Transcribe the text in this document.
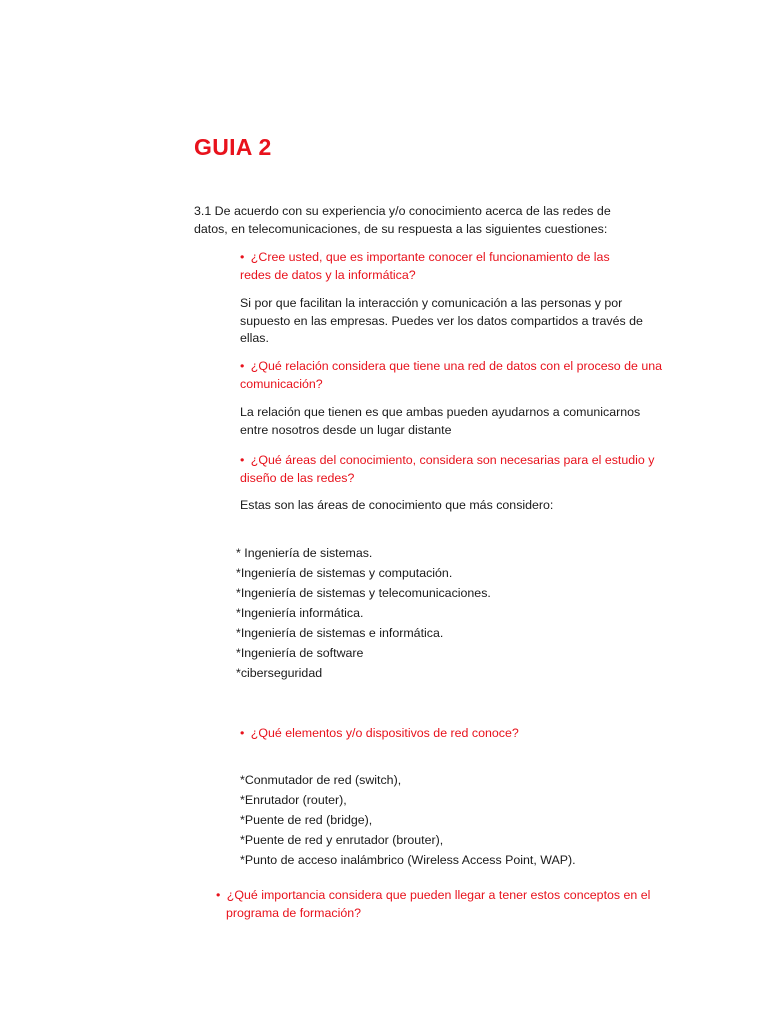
GUIA 2
3.1 De acuerdo con su experiencia y/o conocimiento acerca de las redes de datos, en telecomunicaciones, de su respuesta a las siguientes cuestiones:
• ¿Cree usted, que es importante conocer el funcionamiento de las redes de datos y la informática?
Si por que facilitan la interacción y comunicación a las personas y por supuesto en las empresas. Puedes ver los datos compartidos a través de ellas.
• ¿Qué relación considera que tiene una red de datos con el proceso de una comunicación?
La relación que tienen es que ambas pueden ayudarnos a comunicarnos entre nosotros desde un lugar distante
• ¿Qué áreas del conocimiento, considera son necesarias para el estudio y diseño de las redes?
Estas son las áreas de conocimiento que más considero:
* Ingeniería de sistemas.
*Ingeniería de sistemas y computación.
*Ingeniería de sistemas y telecomunicaciones.
*Ingeniería informática.
*Ingeniería de sistemas e informática.
*Ingeniería de software
*ciberseguridad
• ¿Qué elementos y/o dispositivos de red conoce?
*Conmutador de red (switch),
*Enrutador (router),
*Puente de red (bridge),
*Puente de red y enrutador (brouter),
*Punto de acceso inalámbrico (Wireless Access Point, WAP).
• ¿Qué importancia considera que pueden llegar a tener estos conceptos en el programa de formación?
